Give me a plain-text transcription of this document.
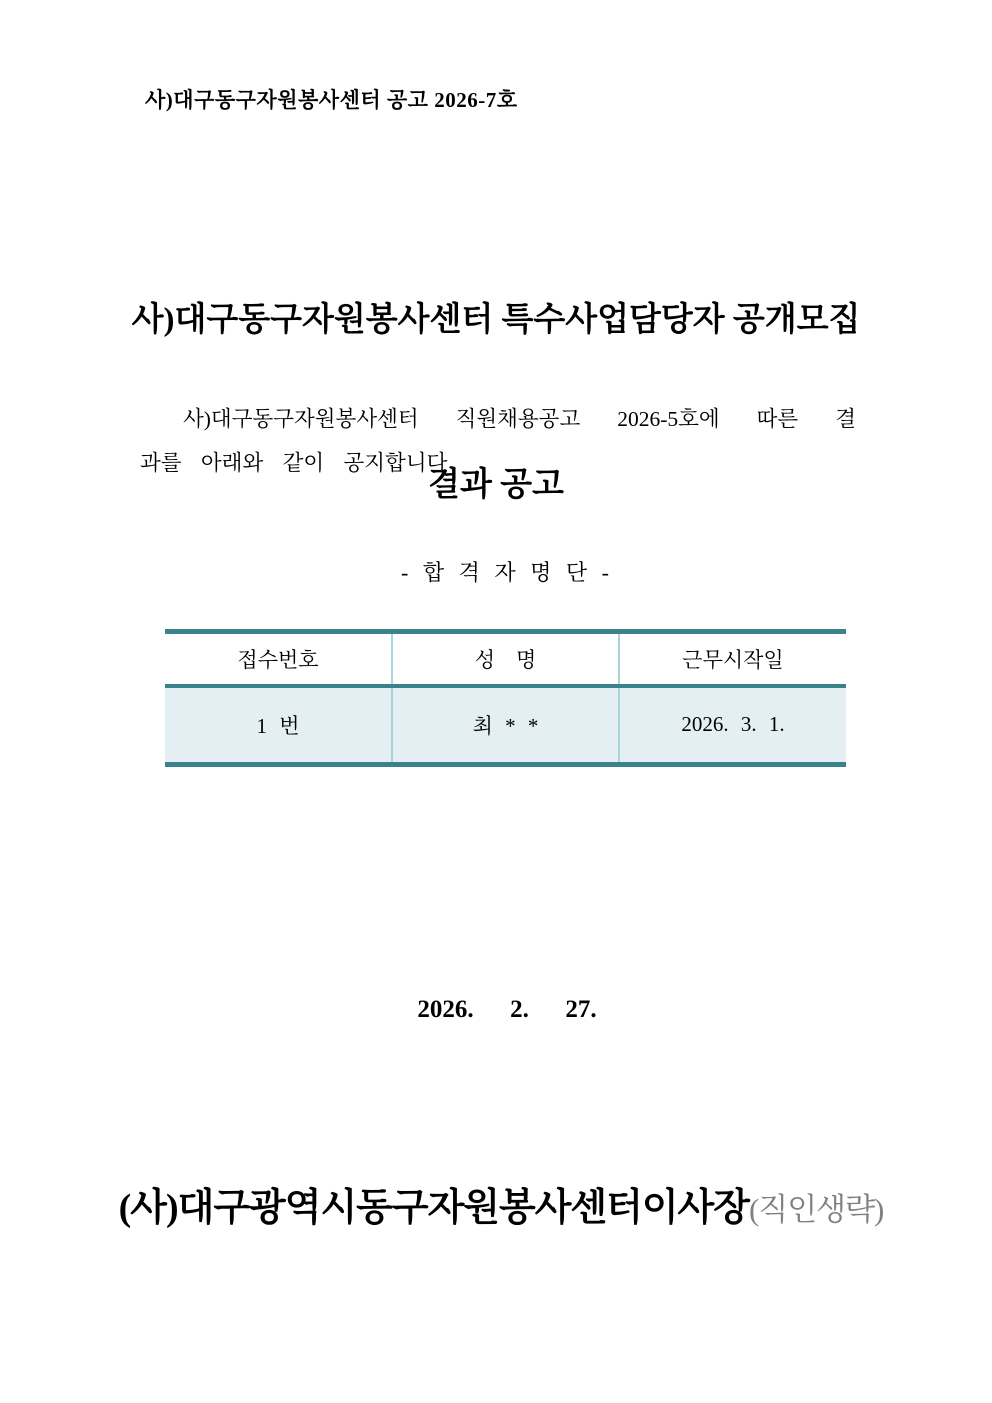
사)대구동구자원봉사센터 공고 2026-7호

사)대구동구자원봉사센터 특수사업담당자 공개모집

결과 공고

사)대구동구자원봉사센터 직원채용공고 2026-5호에 따른 결
과를 아래와 같이 공지합니다
- 합 격 자 명 단 -
접수번호	성    명	근무시작일
1 번	최 * *	2026. 3. 1.
2026.  2.  27.
(사)대구광역시동구자원봉사센터이사장(직인생략)
